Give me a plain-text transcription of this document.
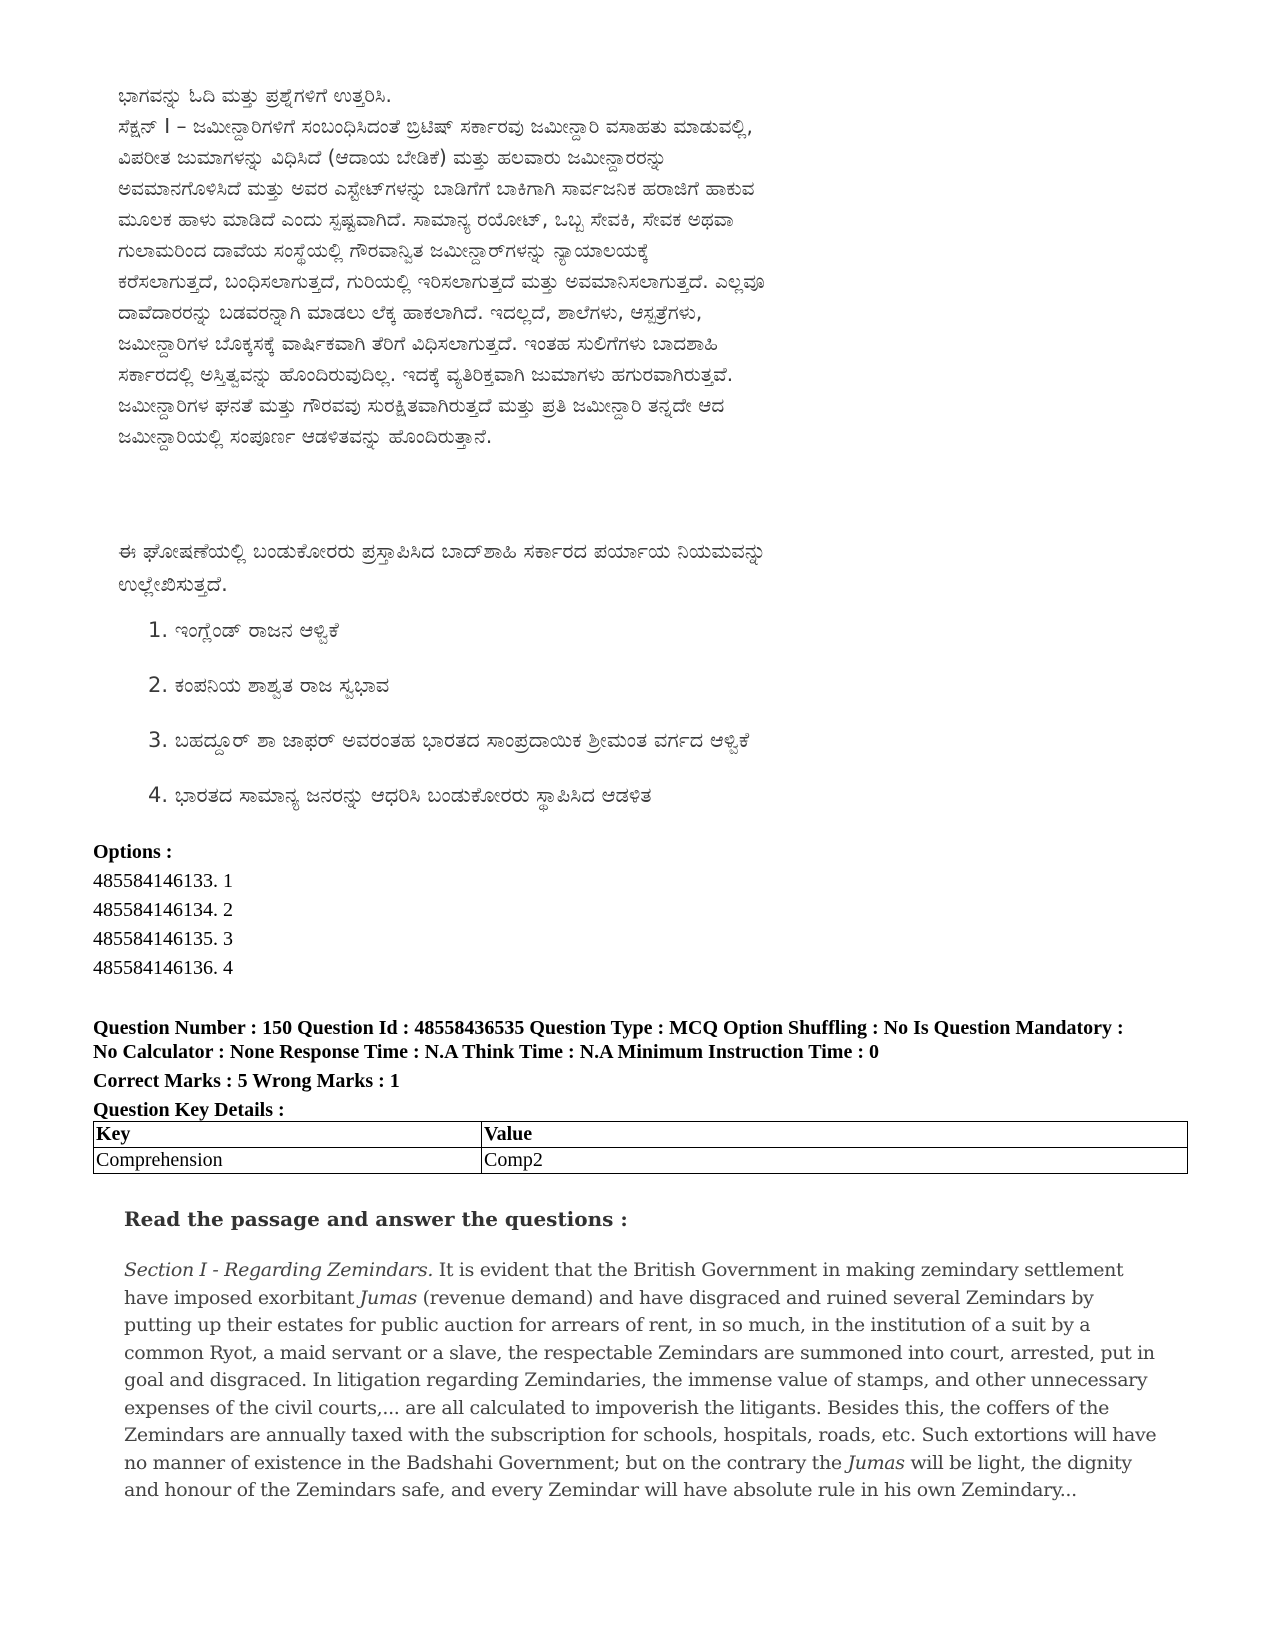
ಭಾಗವನ್ನು ಓದಿ ಮತ್ತು ಪ್ರಶ್ನೆಗಳಿಗೆ ಉತ್ತರಿಸಿ.
ಸೆಕ್ಷನ್ I – ಜಮೀನ್ದಾರಿಗಳಿಗೆ ಸಂಬಂಧಿಸಿದಂತೆ ಬ್ರಿಟಿಷ್ ಸರ್ಕಾರವು ಜಮೀನ್ದಾರಿ ವಸಾಹತು ಮಾಡುವಲ್ಲಿ,
ವಿಪರೀತ ಜುಮಾಗಳನ್ನು ವಿಧಿಸಿದೆ (ಆದಾಯ ಬೇಡಿಕೆ) ಮತ್ತು ಹಲವಾರು ಜಮೀನ್ದಾರರನ್ನು
ಅವಮಾನಗೊಳಿಸಿದೆ ಮತ್ತು ಅವರ ಎಸ್ಟೇಟ್‌ಗಳನ್ನು ಬಾಡಿಗೆಗೆ ಬಾಕಿಗಾಗಿ ಸಾರ್ವಜನಿಕ ಹರಾಜಿಗೆ ಹಾಕುವ
ಮೂಲಕ ಹಾಳು ಮಾಡಿದೆ ಎಂದು ಸ್ಪಷ್ಟವಾಗಿದೆ. ಸಾಮಾನ್ಯ ರಯೋಟ್, ಒಬ್ಬ ಸೇವಕಿ, ಸೇವಕ ಅಥವಾ
ಗುಲಾಮರಿಂದ ದಾವೆಯ ಸಂಸ್ಥೆಯಲ್ಲಿ ಗೌರವಾನ್ವಿತ ಜಮೀನ್ದಾರ್‌ಗಳನ್ನು ನ್ಯಾಯಾಲಯಕ್ಕೆ
ಕರೆಸಲಾಗುತ್ತದೆ, ಬಂಧಿಸಲಾಗುತ್ತದೆ, ಗುರಿಯಲ್ಲಿ ಇರಿಸಲಾಗುತ್ತದೆ ಮತ್ತು ಅವಮಾನಿಸಲಾಗುತ್ತದೆ. ಎಲ್ಲವೂ
ದಾವೆದಾರರನ್ನು ಬಡವರನ್ನಾಗಿ ಮಾಡಲು ಲೆಕ್ಕ ಹಾಕಲಾಗಿದೆ. ಇದಲ್ಲದೆ, ಶಾಲೆಗಳು, ಆಸ್ಪತ್ರೆಗಳು,
ಜಮೀನ್ದಾರಿಗಳ ಬೊಕ್ಕಸಕ್ಕೆ ವಾರ್ಷಿಕವಾಗಿ ತೆರಿಗೆ ವಿಧಿಸಲಾಗುತ್ತದೆ. ಇಂತಹ ಸುಲಿಗೆಗಳು ಬಾದಶಾಹಿ
ಸರ್ಕಾರದಲ್ಲಿ ಅಸ್ತಿತ್ವವನ್ನು ಹೊಂದಿರುವುದಿಲ್ಲ. ಇದಕ್ಕೆ ವ್ಯತಿರಿಕ್ತವಾಗಿ ಜುಮಾಗಳು ಹಗುರವಾಗಿರುತ್ತವೆ.
ಜಮೀನ್ದಾರಿಗಳ ಘನತೆ ಮತ್ತು ಗೌರವವು ಸುರಕ್ಷಿತವಾಗಿರುತ್ತದೆ ಮತ್ತು ಪ್ರತಿ ಜಮೀನ್ದಾರಿ ತನ್ನದೇ ಆದ
ಜಮೀನ್ದಾರಿಯಲ್ಲಿ ಸಂಪೂರ್ಣ ಆಡಳಿತವನ್ನು ಹೊಂದಿರುತ್ತಾನೆ.
ಈ ಘೋಷಣೆಯಲ್ಲಿ ಬಂಡುಕೋರರು ಪ್ರಸ್ತಾಪಿಸಿದ ಬಾದ್‌ಶಾಹಿ ಸರ್ಕಾರದ ಪರ್ಯಾಯ ನಿಯಮವನ್ನು
ಉಲ್ಲೇಖಿಸುತ್ತದೆ.
1. ಇಂಗ್ಲೆಂಡ್ ರಾಜನ ಆಳ್ವಿಕೆ
2. ಕಂಪನಿಯ ಶಾಶ್ವತ ರಾಜ ಸ್ವಭಾವ
3. ಬಹದ್ದೂರ್ ಶಾ ಜಾಫರ್ ಅವರಂತಹ ಭಾರತದ ಸಾಂಪ್ರದಾಯಿಕ ಶ್ರೀಮಂತ ವರ್ಗದ ಆಳ್ವಿಕೆ
4. ಭಾರತದ ಸಾಮಾನ್ಯ ಜನರನ್ನು ಆಧರಿಸಿ ಬಂಡುಕೋರರು ಸ್ಥಾಪಿಸಿದ ಆಡಳಿತ
Options :
485584146133. 1
485584146134. 2
485584146135. 3
485584146136. 4
Question Number : 150 Question Id : 48558436535 Question Type : MCQ Option Shuffling : No Is Question Mandatory :
No Calculator : None Response Time : N.A Think Time : N.A Minimum Instruction Time : 0
Correct Marks : 5 Wrong Marks : 1
Question Key Details :
Key	Value
Comprehension	Comp2
Read the passage and answer the questions :
Section I - Regarding Zemindars. It is evident that the British Government in making zemindary settlement
have imposed exorbitant Jumas (revenue demand) and have disgraced and ruined several Zemindars by
putting up their estates for public auction for arrears of rent, in so much, in the institution of a suit by a
common Ryot, a maid servant or a slave, the respectable Zemindars are summoned into court, arrested, put in
goal and disgraced. In litigation regarding Zemindaries, the immense value of stamps, and other unnecessary
expenses of the civil courts,... are all calculated to impoverish the litigants. Besides this, the coffers of the
Zemindars are annually taxed with the subscription for schools, hospitals, roads, etc. Such extortions will have
no manner of existence in the Badshahi Government; but on the contrary the Jumas will be light, the dignity
and honour of the Zemindars safe, and every Zemindar will have absolute rule in his own Zemindary...
